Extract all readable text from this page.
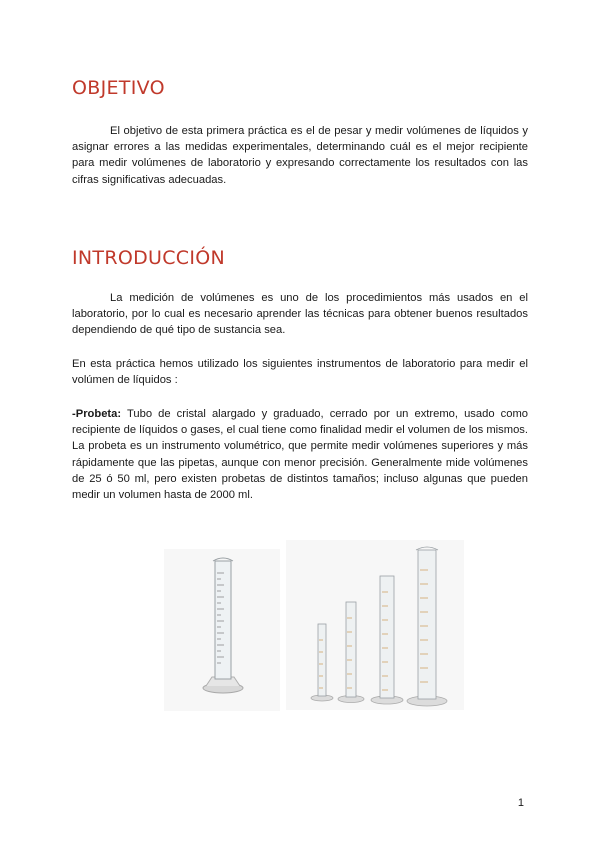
OBJETIVO

El objetivo de esta primera práctica es el de pesar y medir volúmenes de líquidos y asignar errores a las medidas experimentales, determinando cuál es el mejor recipiente para medir volúmenes de laboratorio y expresando correctamente los resultados con las cifras significativas adecuadas.

INTRODUCCIÓN

La medición de volúmenes es uno de los procedimientos más usados en el laboratorio, por lo cual es necesario aprender las técnicas para obtener buenos resultados dependiendo de qué tipo de sustancia sea.

En esta práctica hemos utilizado los siguientes instrumentos de laboratorio para medir el volúmen de líquidos :

-Probeta: Tubo de cristal alargado y graduado, cerrado por un extremo, usado como recipiente de líquidos o gases, el cual tiene como finalidad medir el volumen de los mismos. La probeta es un instrumento volumétrico, que permite medir volúmenes superiores y más rápidamente que las pipetas, aunque con menor precisión. Generalmente mide volúmenes de 25 ó 50 ml, pero existen probetas de distintos tamaños; incluso algunas que pueden medir un volumen hasta de 2000 ml.

1
